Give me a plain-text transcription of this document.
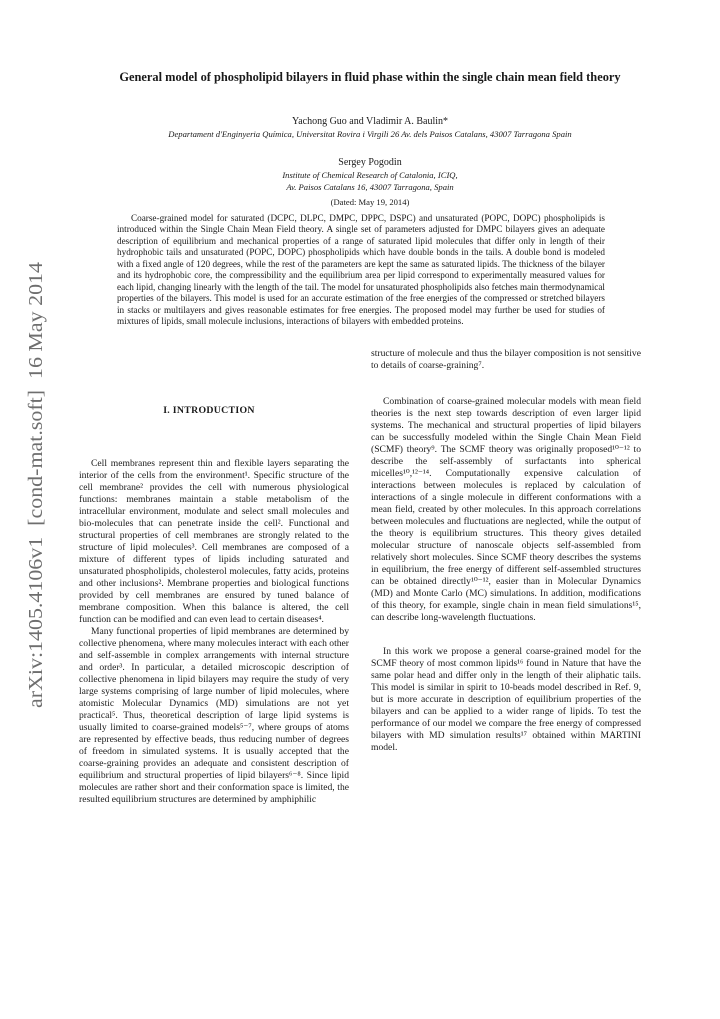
arXiv:1405.4106v1  [cond-mat.soft]  16 May 2014
General model of phospholipid bilayers in fluid phase within the single chain mean field theory
Yachong Guo and Vladimir A. Baulin*
Departament d'Enginyeria Química, Universitat Rovira i Virgili 26 Av. dels Paisos Catalans, 43007 Tarragona Spain
Sergey Pogodin
Institute of Chemical Research of Catalonia, ICIQ,
Av. Paisos Catalans 16, 43007 Tarragona, Spain
(Dated: May 19, 2014)
Coarse-grained model for saturated (DCPC, DLPC, DMPC, DPPC, DSPC) and unsaturated (POPC, DOPC) phospholipids is introduced within the Single Chain Mean Field theory. A single set of parameters adjusted for DMPC bilayers gives an adequate description of equilibrium and mechanical properties of a range of saturated lipid molecules that differ only in length of their hydrophobic tails and unsaturated (POPC, DOPC) phospholipids which have double bonds in the tails. A double bond is modeled with a fixed angle of 120 degrees, while the rest of the parameters are kept the same as saturated lipids. The thickness of the bilayer and its hydrophobic core, the compressibility and the equilibrium area per lipid correspond to experimentally measured values for each lipid, changing linearly with the length of the tail. The model for unsaturated phospholipids also fetches main thermodynamical properties of the bilayers. This model is used for an accurate estimation of the free energies of the compressed or stretched bilayers in stacks or multilayers and gives reasonable estimates for free energies. The proposed model may further be used for studies of mixtures of lipids, small molecule inclusions, interactions of bilayers with embedded proteins.
I. INTRODUCTION

Cell membranes represent thin and flexible layers separating the interior of the cells from the environment¹. Specific structure of the cell membrane² provides the cell with numerous physiological functions: membranes maintain a stable metabolism of the intracellular environment, modulate and select small molecules and bio-molecules that can penetrate inside the cell². Functional and structural properties of cell membranes are strongly related to the structure of lipid molecules³. Cell membranes are composed of a mixture of different types of lipids including saturated and unsaturated phospholipids, cholesterol molecules, fatty acids, proteins and other inclusions². Membrane properties and biological functions provided by cell membranes are ensured by tuned balance of membrane composition. When this balance is altered, the cell function can be modified and can even lead to certain diseases⁴.

Many functional properties of lipid membranes are determined by collective phenomena, where many molecules interact with each other and self-assemble in complex arrangements with internal structure and order³. In particular, a detailed microscopic description of collective phenomena in lipid bilayers may require the study of very large systems comprising of large number of lipid molecules, where atomistic Molecular Dynamics (MD) simulations are not yet practical⁵. Thus, theoretical description of large lipid systems is usually limited to coarse-grained models⁵⁻⁷, where groups of atoms are represented by effective beads, thus reducing number of degrees of freedom in simulated systems. It is usually accepted that the coarse-graining provides an adequate and consistent description of equilibrium and structural properties of lipid bilayers⁶⁻⁸. Since lipid molecules are rather short and their conformation space is limited, the resulted equilibrium structures are determined by amphiphilic

structure of molecule and thus the bilayer composition is not sensitive to details of coarse-graining⁷.

Combination of coarse-grained molecular models with mean field theories is the next step towards description of even larger lipid systems. The mechanical and structural properties of lipid bilayers can be successfully modeled within the Single Chain Mean Field (SCMF) theory⁹. The SCMF theory was originally proposed¹⁰⁻¹² to describe the self-assembly of surfactants into spherical micelles¹⁰,¹²⁻¹⁴. Computationally expensive calculation of interactions between molecules is replaced by calculation of interactions of a single molecule in different conformations with a mean field, created by other molecules. In this approach correlations between molecules and fluctuations are neglected, while the output of the theory is equilibrium structures. This theory gives detailed molecular structure of nanoscale objects self-assembled from relatively short molecules. Since SCMF theory describes the systems in equilibrium, the free energy of different self-assembled structures can be obtained directly¹⁰⁻¹², easier than in Molecular Dynamics (MD) and Monte Carlo (MC) simulations. In addition, modifications of this theory, for example, single chain in mean field simulations¹⁵, can describe long-wavelength fluctuations.

In this work we propose a general coarse-grained model for the SCMF theory of most common lipids¹⁶ found in Nature that have the same polar head and differ only in the length of their aliphatic tails. This model is similar in spirit to 10-beads model described in Ref. 9, but is more accurate in description of equilibrium properties of the bilayers and can be applied to a wider range of lipids. To test the performance of our model we compare the free energy of compressed bilayers with MD simulation results¹⁷ obtained within MARTINI model.
